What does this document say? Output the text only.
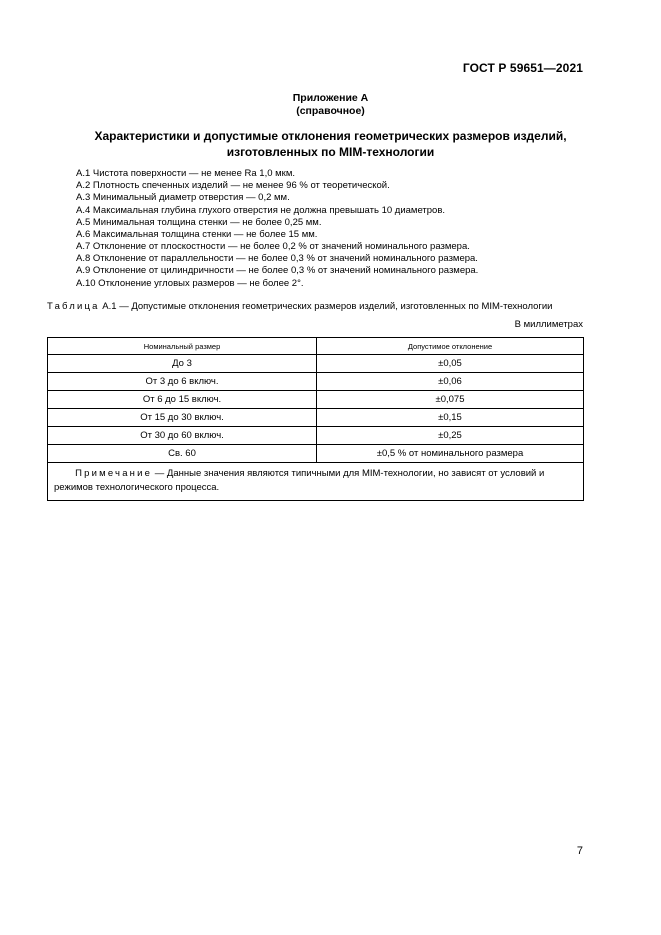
ГОСТ Р 59651—2021
Приложение А
(справочное)
Характеристики и допустимые отклонения геометрических размеров изделий,
изготовленных по MIM-технологии
А.1 Чистота поверхности — не менее Ra 1,0 мкм.
А.2 Плотность спеченных изделий — не менее 96 % от теоретической.
А.3 Минимальный диаметр отверстия — 0,2 мм.
А.4 Максимальная глубина глухого отверстия не должна превышать 10 диаметров.
А.5 Минимальная толщина стенки — не более 0,25 мм.
А.6 Максимальная толщина стенки — не более 15 мм.
А.7 Отклонение от плоскостности — не более 0,2 % от значений номинального размера.
А.8 Отклонение от параллельности — не более 0,3 % от значений номинального размера.
А.9 Отклонение от цилиндричности — не более 0,3 % от значений номинального размера.
А.10 Отклонение угловых размеров — не более 2°.
Таблица А.1 — Допустимые отклонения геометрических размеров изделий, изготовленных по MIM-технологии
В миллиметрах
Номинальный размер	Допустимое отклонение
До 3	±0,05
От 3 до 6 включ.	±0,06
От 6 до 15 включ.	±0,075
От 15 до 30 включ.	±0,15
От 30 до 60 включ.	±0,25
Св. 60	±0,5 % от номинального размера
Примечание — Данные значения являются типичными для MIM-технологии, но зависят от условий и режимов технологического процесса.	
7
